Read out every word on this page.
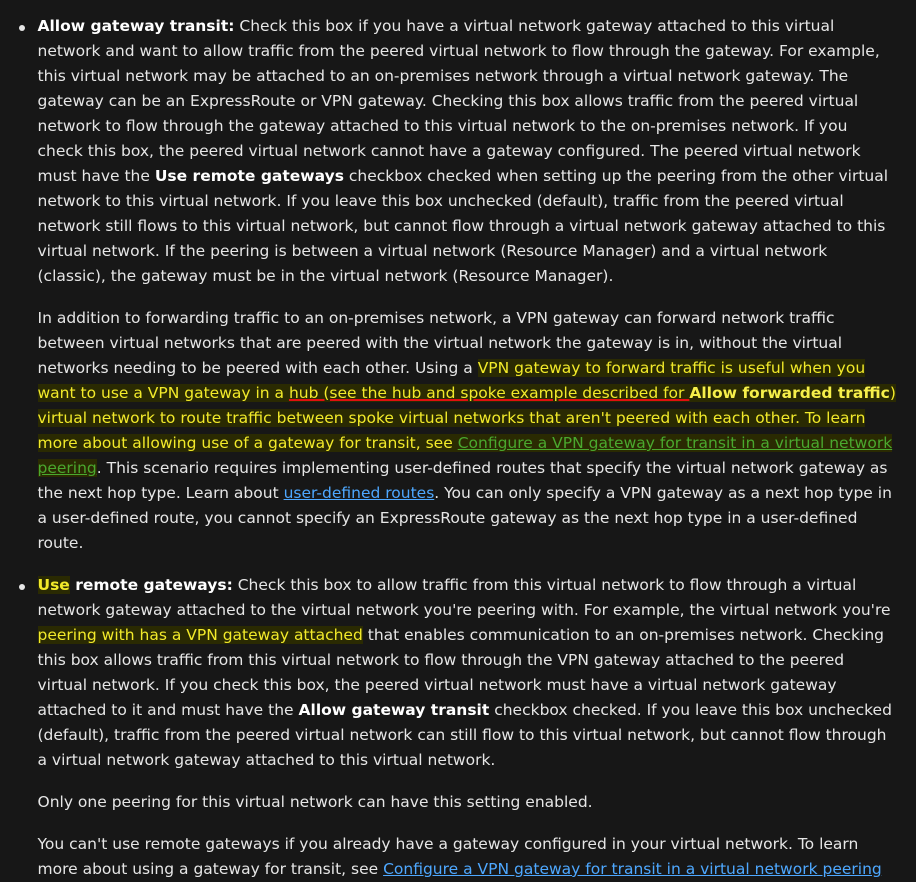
Allow gateway transit: Check this box if you have a virtual network gateway attached to this virtual network and want to allow traffic from the peered virtual network to flow through the gateway. For example, this virtual network may be attached to an on-premises network through a virtual network gateway. The gateway can be an ExpressRoute or VPN gateway. Checking this box allows traffic from the peered virtual network to flow through the gateway attached to this virtual network to the on-premises network. If you check this box, the peered virtual network cannot have a gateway configured. The peered virtual network must have the Use remote gateways checkbox checked when setting up the peering from the other virtual network to this virtual network. If you leave this box unchecked (default), traffic from the peered virtual network still flows to this virtual network, but cannot flow through a virtual network gateway attached to this virtual network. If the peering is between a virtual network (Resource Manager) and a virtual network (classic), the gateway must be in the virtual network (Resource Manager).

In addition to forwarding traffic to an on-premises network, a VPN gateway can forward network traffic between virtual networks that are peered with the virtual network the gateway is in, without the virtual networks needing to be peered with each other. Using a VPN gateway to forward traffic is useful when you want to use a VPN gateway in a hub (see the hub and spoke example described for Allow forwarded traffic) virtual network to route traffic between spoke virtual networks that aren't peered with each other. To learn more about allowing use of a gateway for transit, see Configure a VPN gateway for transit in a virtual network peering. This scenario requires implementing user-defined routes that specify the virtual network gateway as the next hop type. Learn about user-defined routes. You can only specify a VPN gateway as a next hop type in a user-defined route, you cannot specify an ExpressRoute gateway as the next hop type in a user-defined route.

Use remote gateways: Check this box to allow traffic from this virtual network to flow through a virtual network gateway attached to the virtual network you're peering with. For example, the virtual network you're peering with has a VPN gateway attached that enables communication to an on-premises network. Checking this box allows traffic from this virtual network to flow through the VPN gateway attached to the peered virtual network. If you check this box, the peered virtual network must have a virtual network gateway attached to it and must have the Allow gateway transit checkbox checked. If you leave this box unchecked (default), traffic from the peered virtual network can still flow to this virtual network, but cannot flow through a virtual network gateway attached to this virtual network.

Only one peering for this virtual network can have this setting enabled.

You can't use remote gateways if you already have a gateway configured in your virtual network. To learn more about using a gateway for transit, see Configure a VPN gateway for transit in a virtual network peering
